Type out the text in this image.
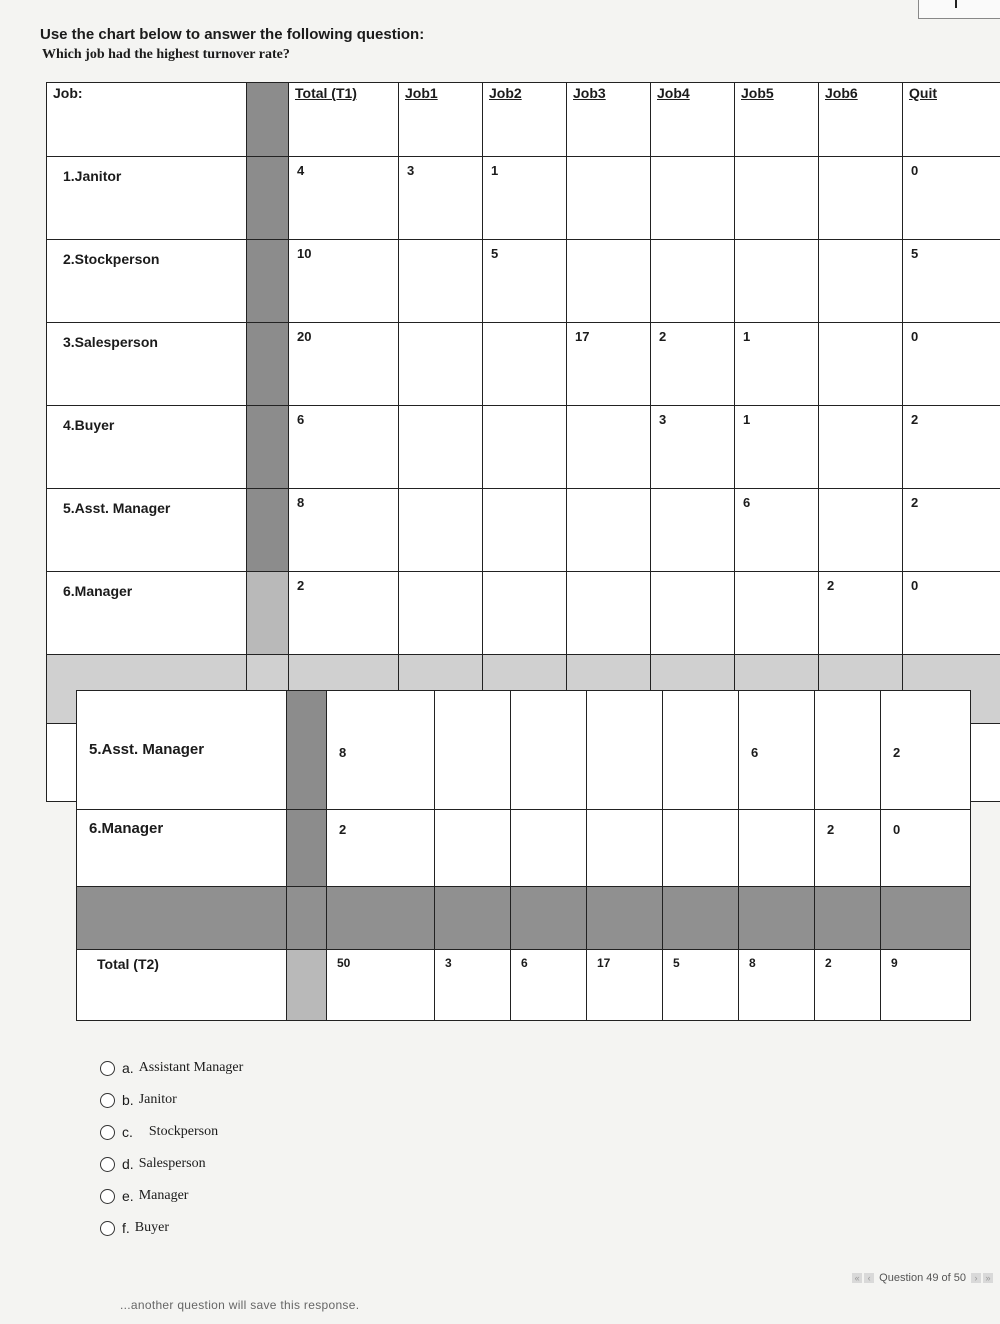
Use the chart below to answer the following question:
Which job had the highest turnover rate?
Job:		Total (T1)	Job1	Job2	Job3	Job4	Job5	Job6	Quit
1.Janitor		4	3	1					0
2.Stockperson		10		5					5
3.Salesperson		20			17	2	1		0
4.Buyer		6				3	1		2
5.Asst. Manager		8					6		2
6.Manager		2						2	0

5.Asst. Manager		8					6		2
6.Manager		2						2	0

Total (T2)		50	3	6	17	5	8	2	9
a. Assistant Manager
b. Janitor
c. Stockperson
d. Salesperson
e. Manager
f. Buyer
« ‹ Question 49 of 50 › »
...another question will save this response.
